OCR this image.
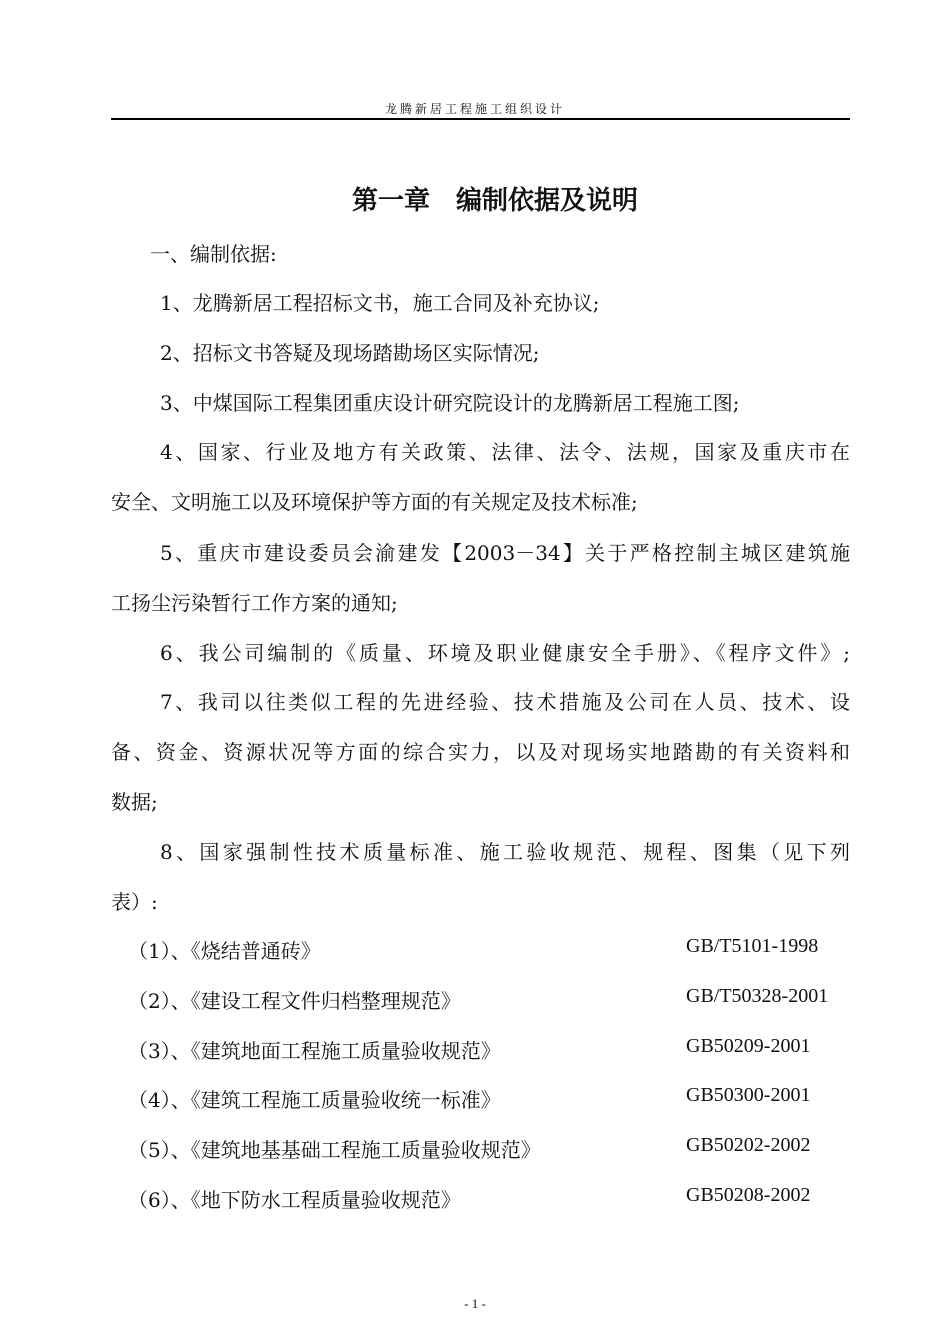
龙腾新居工程施工组织设计
第一章　编制依据及说明
一、编制依据:
1、龙腾新居工程招标文书，施工合同及补充协议;
2、招标文书答疑及现场踏勘场区实际情况;
3、中煤国际工程集团重庆设计研究院设计的龙腾新居工程施工图;
4、国家、行业及地方有关政策、法律、法令、法规，国家及重庆市在
安全、文明施工以及环境保护等方面的有关规定及技术标准;
5、重庆市建设委员会渝建发【2003－34】关于严格控制主城区建筑施
工扬尘污染暂行工作方案的通知;
6、我公司编制的《质量、环境及职业健康安全手册》、《程序文件》;
7、我司以往类似工程的先进经验、技术措施及公司在人员、技术、设
备、资金、资源状况等方面的综合实力，以及对现场实地踏勘的有关资料和
数据;
8、国家强制性技术质量标准、施工验收规范、规程、图集（见下列
表）:
（1）、《烧结普通砖》	GB/T5101-1998
（2）、《建设工程文件归档整理规范》	GB/T50328-2001
（3）、《建筑地面工程施工质量验收规范》	GB50209-2001
（4）、《建筑工程施工质量验收统一标准》	GB50300-2001
（5）、《建筑地基基础工程施工质量验收规范》	GB50202-2002
（6）、《地下防水工程质量验收规范》	GB50208-2002
- 1 -
